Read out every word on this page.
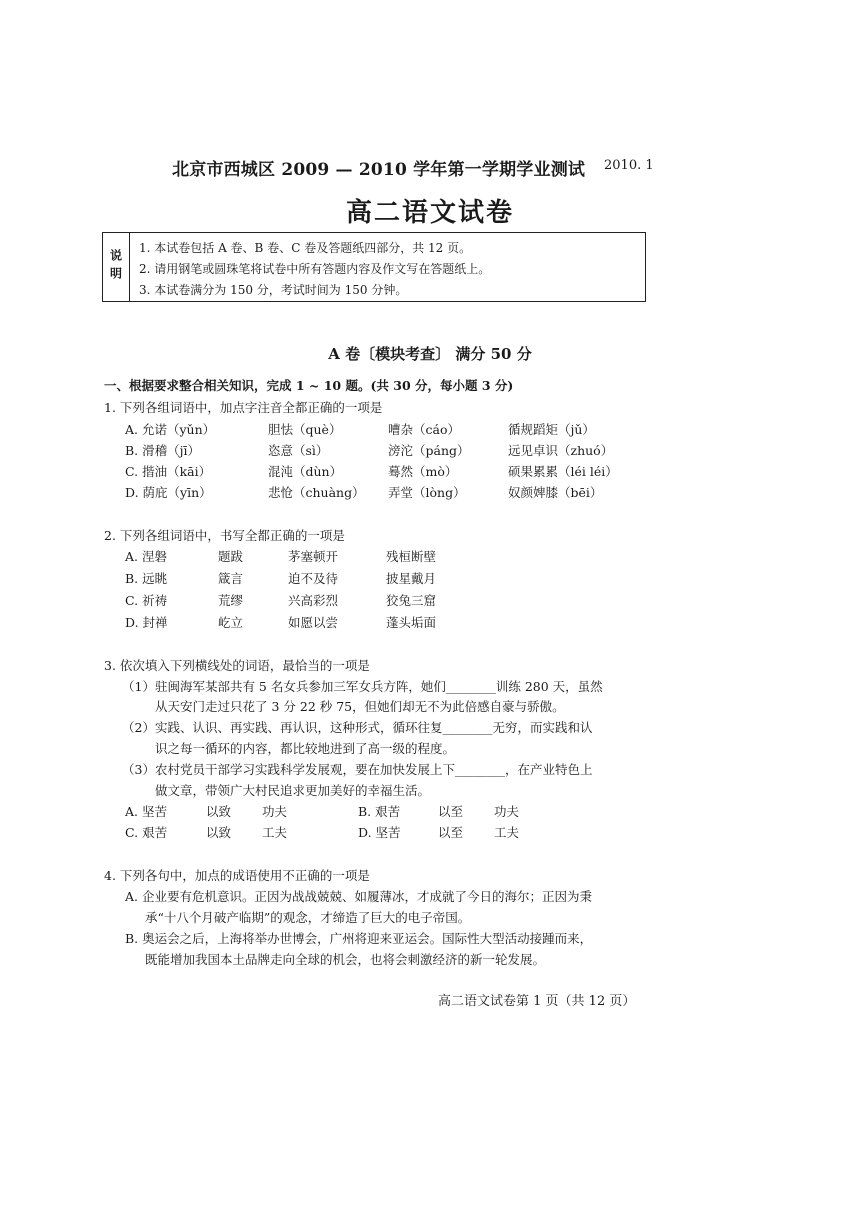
北京市西城区 2009 — 2010 学年第一学期学业测试 2010. 1
高二语文试卷
说明
1. 本试卷包括 A 卷、B 卷、C 卷及答题纸四部分，共 12 页。
2. 请用钢笔或圆珠笔将试卷中所有答题内容及作文写在答题纸上。
3. 本试卷满分为 150 分，考试时间为 150 分钟。
A 卷〔模块考查〕 满分 50 分
一、根据要求整合相关知识，完成 1 ~ 10 题。(共 30 分，每小题 3 分)
1. 下列各组词语中，加点字注音全都正确的一项是
A. 允诺（yǔn）	胆怯（què）	嘈杂（cáo）	循规蹈矩（jǔ）
B. 滑稽（jī）	恣意（sì）	滂沱（páng）	远见卓识（zhuó）
C. 揩油（kāi）	混沌（dùn）	蓦然（mò）	硕果累累（léi léi）
D. 荫庇（yīn）	悲怆（chuàng） 弄堂（lòng）	奴颜婢膝（bēi）
2. 下列各组词语中，书写全都正确的一项是
A. 涅磐	题跋	茅塞顿开	残桓断壁
B. 远眺	箴言	迫不及待	披星戴月
C. 祈祷	荒缪	兴高彩烈	狡兔三窟
D. 封禅	屹立	如愿以尝	蓬头垢面
3. 依次填入下列横线处的词语，最恰当的一项是
（1）驻闽海军某部共有 5 名女兵参加三军女兵方阵，她们________训练 280 天，虽然
从天安门走过只花了 3 分 22 秒 75，但她们却无不为此倍感自豪与骄傲。
（2）实践、认识、再实践、再认识，这种形式，循环往复________无穷，而实践和认
识之每一循环的内容，都比较地进到了高一级的程度。
（3）农村党员干部学习实践科学发展观，要在加快发展上下________，在产业特色上
做文章，带领广大村民追求更加美好的幸福生活。
A. 坚苦	以致 功夫	B. 艰苦	以至 功夫
C. 艰苦	以致 工夫	D. 坚苦	以至 工夫
4. 下列各句中，加点的成语使用不正确的一项是
A. 企业要有危机意识。正因为战战兢兢、如履薄冰，才成就了今日的海尔；正因为秉
承“十八个月破产临期”的观念，才缔造了巨大的电子帝国。
B. 奥运会之后，上海将举办世博会，广州将迎来亚运会。国际性大型活动接踵而来，
既能增加我国本土品牌走向全球的机会，也将会刺激经济的新一轮发展。
高二语文试卷第 1 页（共 12 页）
